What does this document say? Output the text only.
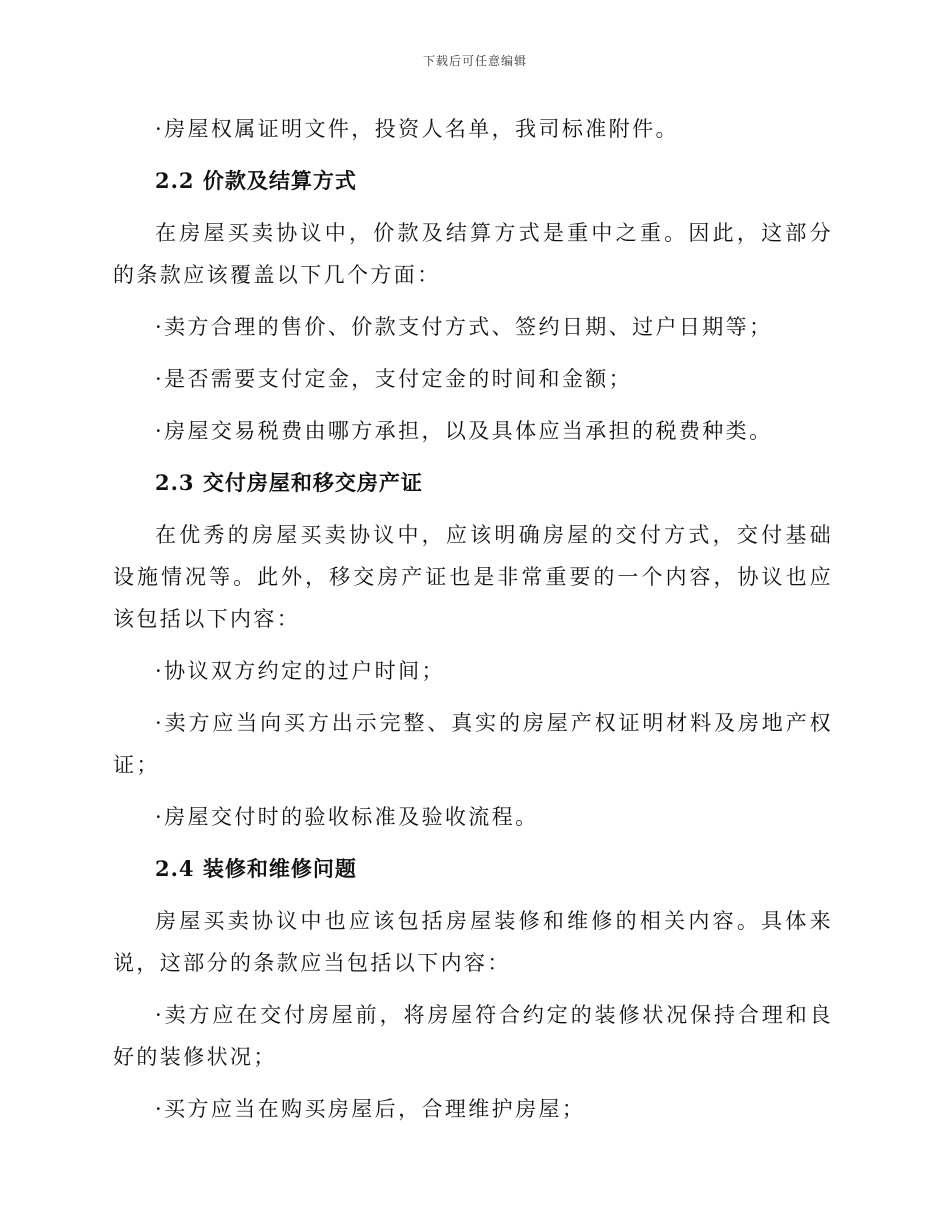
下载后可任意编辑

·房屋权属证明文件，投资人名单，我司标准附件。

2.2 价款及结算方式

在房屋买卖协议中，价款及结算方式是重中之重。因此，这部分的条款应该覆盖以下几个方面：

·卖方合理的售价、价款支付方式、签约日期、过户日期等；

·是否需要支付定金，支付定金的时间和金额；

·房屋交易税费由哪方承担，以及具体应当承担的税费种类。

2.3 交付房屋和移交房产证

在优秀的房屋买卖协议中，应该明确房屋的交付方式，交付基础设施情况等。此外，移交房产证也是非常重要的一个内容，协议也应该包括以下内容：

·协议双方约定的过户时间；

·卖方应当向买方出示完整、真实的房屋产权证明材料及房地产权证；

·房屋交付时的验收标准及验收流程。

2.4 装修和维修问题

房屋买卖协议中也应该包括房屋装修和维修的相关内容。具体来说，这部分的条款应当包括以下内容：

·卖方应在交付房屋前，将房屋符合约定的装修状况保持合理和良好的装修状况；

·买方应当在购买房屋后，合理维护房屋；
